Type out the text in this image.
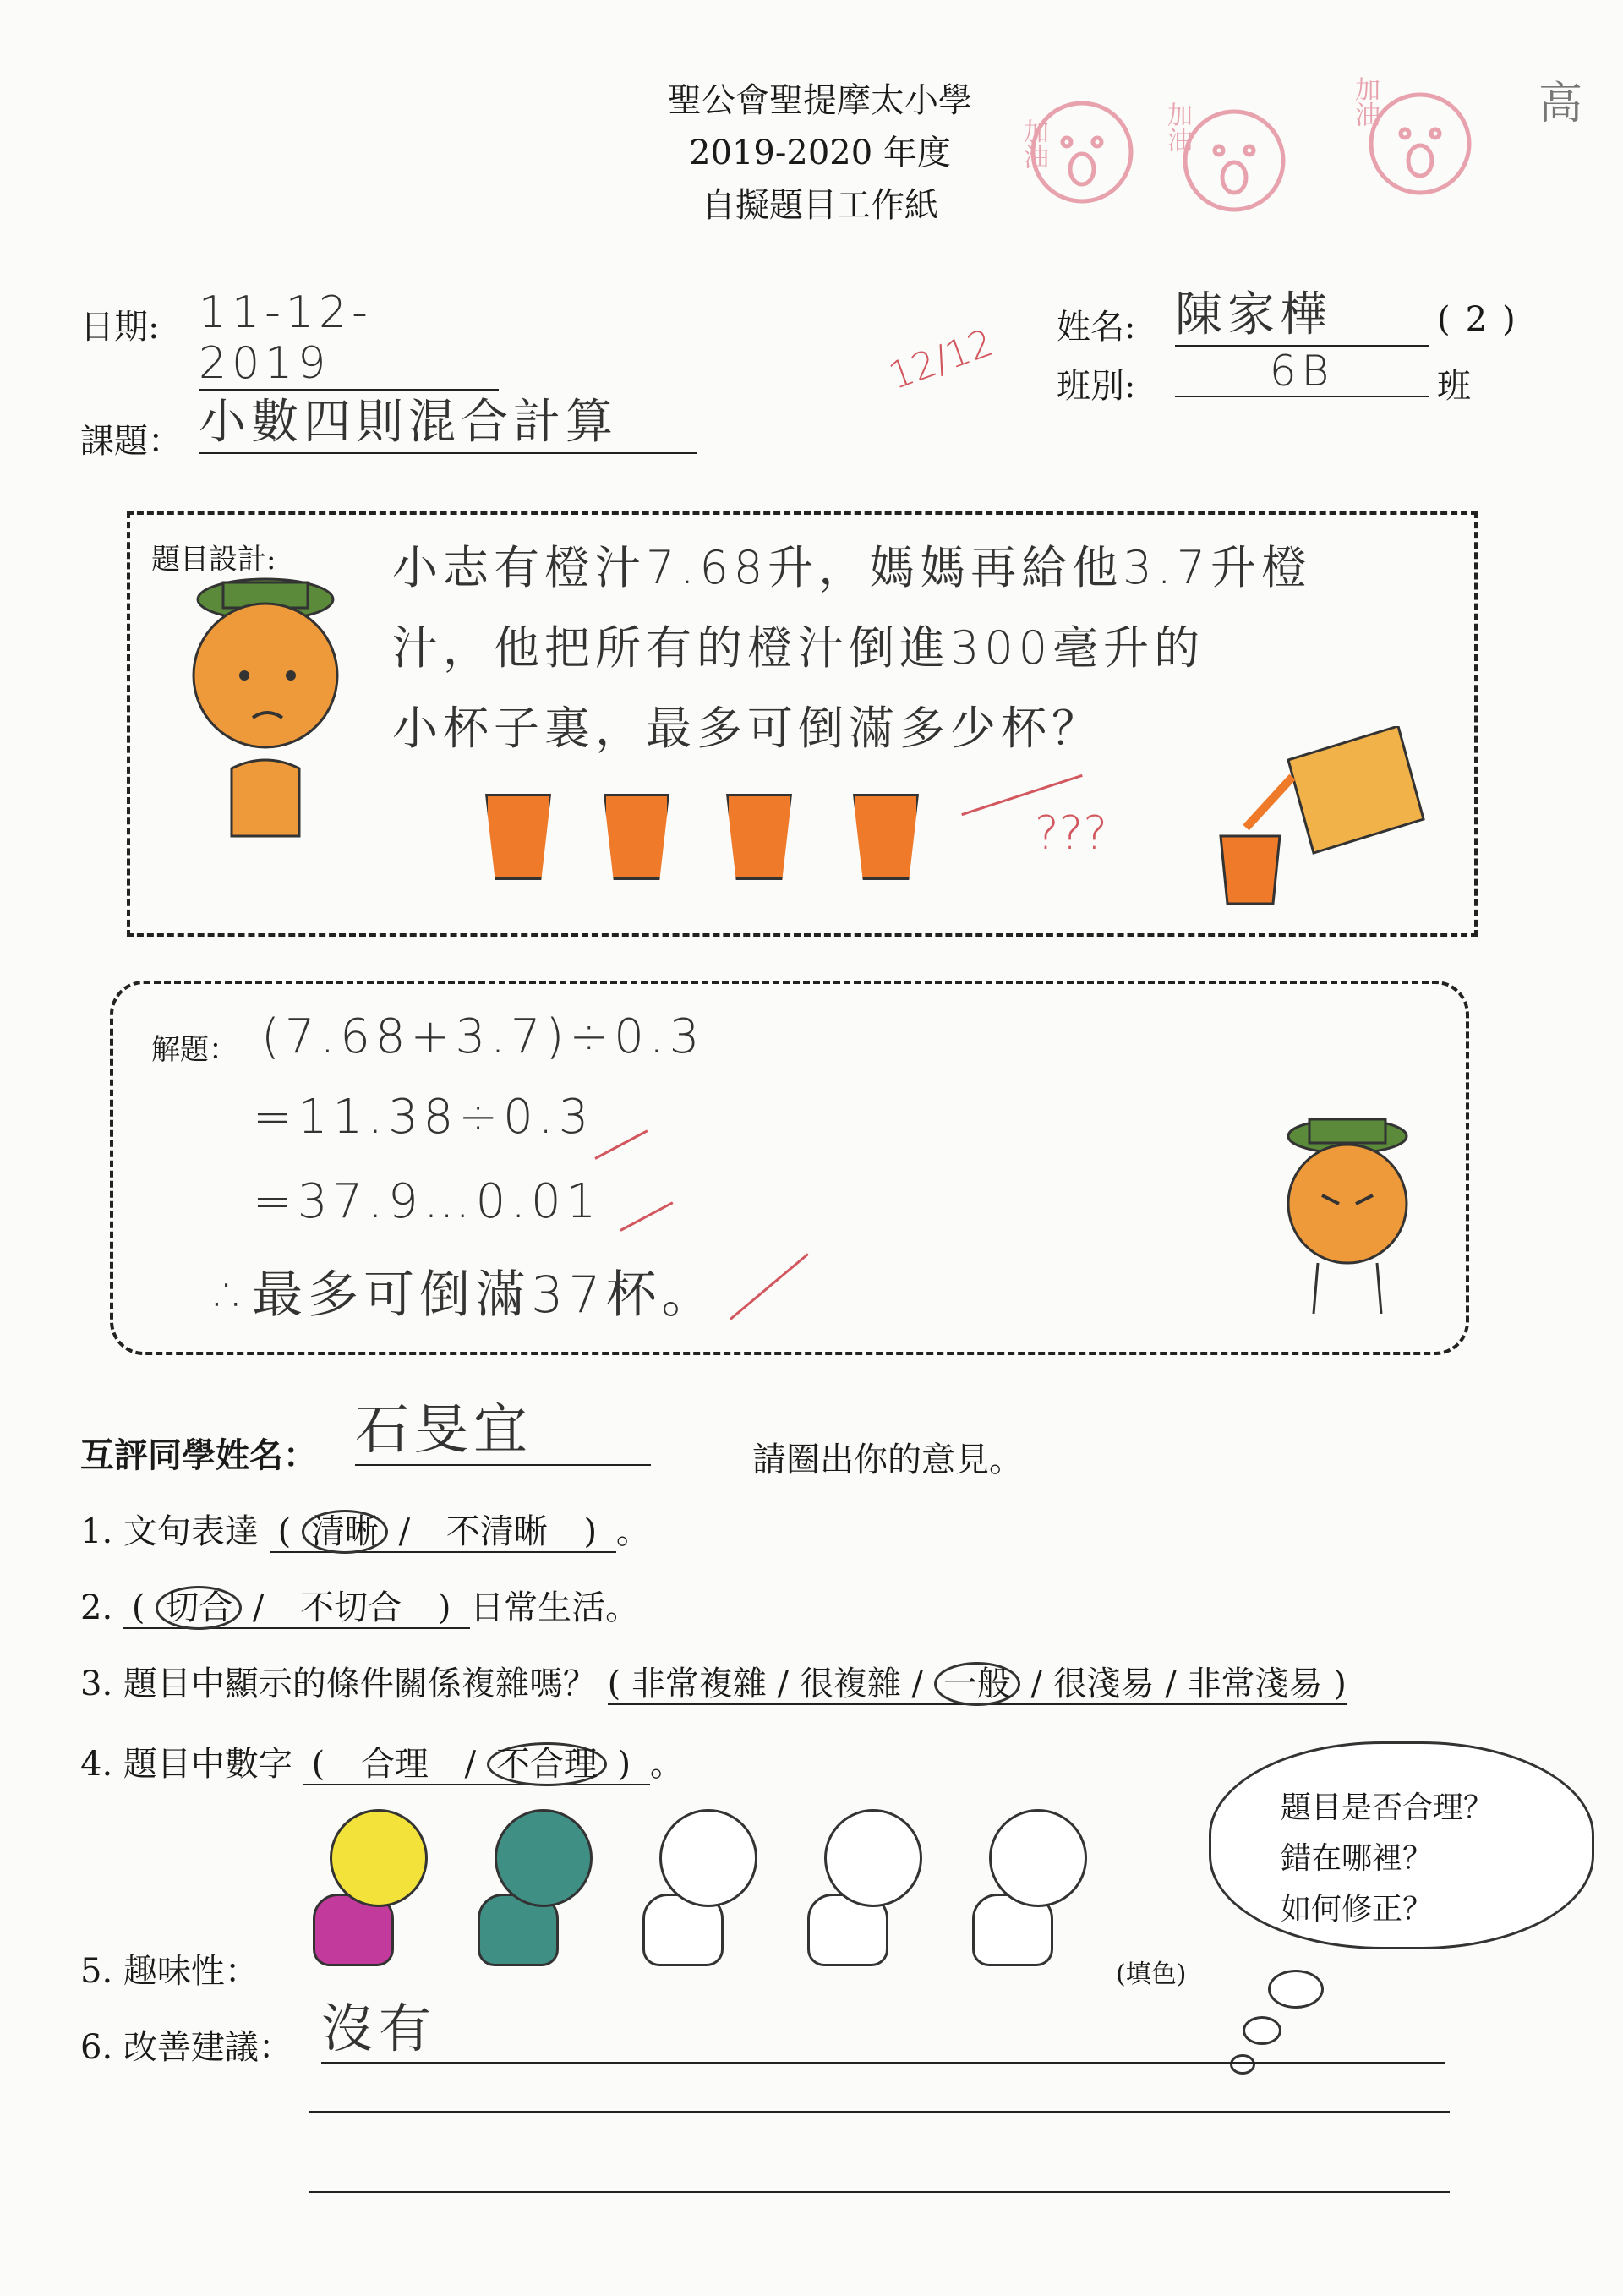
高
加油	加油	加油
聖公會聖提摩太小學
2019-2020 年度
自擬題目工作紙
日期: 11-12-2019
課題： 小數四則混合計算
12/12 姓名: 陳家樺	( 2 )
班別:	6B	班
題目設計:	小志有橙汁7.68升，媽媽再給他3.7升橙
汁，他把所有的橙汁倒進300毫升的
小杯子裏，最多可倒滿多少杯？
???
解題： (7.68+3.7)÷0.3
=11.38÷0.3
=37.9…0.01
∴最多可倒滿37杯。
互評同學姓名： 石旻宜	請圈出你的意見。
1. 文句表達 ( 清晰 / 不清晰 ) 。
2. ( 切合 / 不切合 ) 日常生活。
3. 題目中顯示的條件關係複雜嗎？ ( 非常複雜 / 很複雜 / 一般 / 很淺易 / 非常淺易 )
4. 題目中數字 ( 合理 / 不合理 ) 。
題目是否合理？
錯在哪裡？
如何修正？
5. 趣味性：	(填色)
6. 改善建議： 沒有
